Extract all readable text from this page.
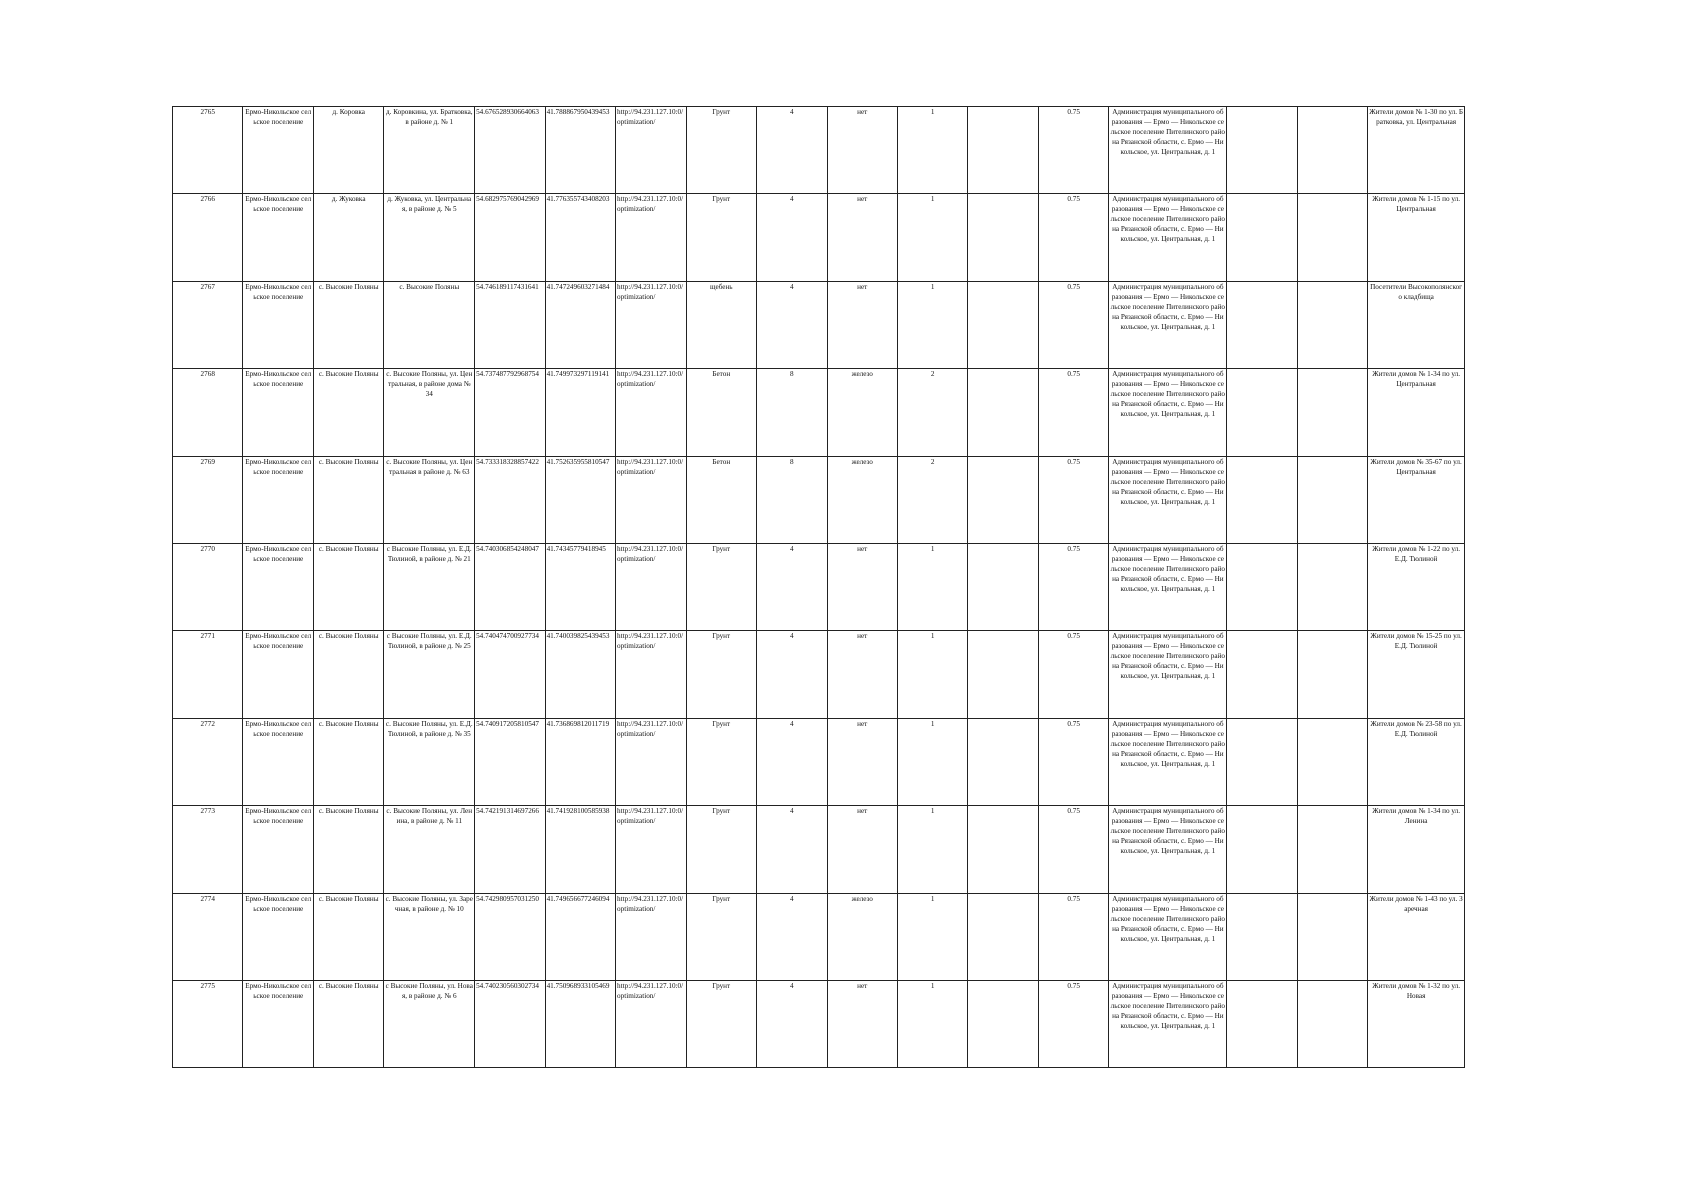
2765	Ермо-Никольское сельское поселение	д. Коровка	д. Коровкина, ул. Братковка, в районе д. № 1	54.676528930664063	41.788867950439453	http://94.231.127.10:0/optimization/	Грунт	4	нет	1		0.75	Администрация муниципального образования — Ермо — Никольское сельское поселение Пителинского района Рязанской области, с. Ермо — Никольское, ул. Центральная, д. 1			Жители домов № 1-30 по ул. Братковка, ул. Центральная
2766	Ермо-Никольское сельское поселение	д. Жуковка	д. Жуковка, ул. Центральная, в районе д. № 5	54.682975769042969	41.776355743408203	http://94.231.127.10:0/optimization/	Грунт	4	нет	1		0.75	Администрация муниципального образования — Ермо — Никольское сельское поселение Пителинского района Рязанской области, с. Ермо — Никольское, ул. Центральная, д. 1			Жители домов № 1-15 по ул. Центральная
2767	Ермо-Никольское сельское поселение	с. Высокие Поляны	с. Высокие Поляны	54.746189117431641	41.747249603271484	http://94.231.127.10:0/optimization/	щебень	4	нет	1		0.75	Администрация муниципального образования — Ермо — Никольское сельское поселение Пителинского района Рязанской области, с. Ермо — Никольское, ул. Центральная, д. 1			Посетители Высокополянского кладбища
2768	Ермо-Никольское сельское поселение	с. Высокие Поляны	с. Высокие Поляны, ул. Центральная, в районе дома № 34	54.737487792968754	41.749973297119141	http://94.231.127.10:0/optimization/	Бетон	8	железо	2		0.75	Администрация муниципального образования — Ермо — Никольское сельское поселение Пителинского района Рязанской области, с. Ермо — Никольское, ул. Центральная, д. 1			Жители домов № 1-34 по ул. Центральная
2769	Ермо-Никольское сельское поселение	с. Высокие Поляны	с. Высокие Поляны, ул. Центральная в районе д. № 63	54.733318328857422	41.752635955810547	http://94.231.127.10:0/optimization/	Бетон	8	железо	2		0.75	Администрация муниципального образования — Ермо — Никольское сельское поселение Пителинского района Рязанской области, с. Ермо — Никольское, ул. Центральная, д. 1			Жители домов № 35-67 по ул. Центральная
2770	Ермо-Никольское сельское поселение	с. Высокие Поляны	с Высокие Поляны, ул. Е.Д. Тюлиной, в районе д. № 21	54.740306854248047	41.74345779418945	http://94.231.127.10:0/optimization/	Грунт	4	нет	1		0.75	Администрация муниципального образования — Ермо — Никольское сельское поселение Пителинского района Рязанской области, с. Ермо — Никольское, ул. Центральная, д. 1			Жители домов № 1-22 по ул. Е.Д. Тюлиной
2771	Ермо-Никольское сельское поселение	с. Высокие Поляны	с Высокие Поляны, ул. Е.Д. Тюлиной, в районе д. № 25	54.740474700927734	41.740039825439453	http://94.231.127.10:0/optimization/	Грунт	4	нет	1		0.75	Администрация муниципального образования — Ермо — Никольское сельское поселение Пителинского района Рязанской области, с. Ермо — Никольское, ул. Центральная, д. 1			Жители домов № 15-25 по ул. Е.Д. Тюлиной
2772	Ермо-Никольское сельское поселение	с. Высокие Поляны	с. Высокие Поляны, ул. Е.Д. Тюлиной, в районе д. № 35	54.740917205810547	41.736869812011719	http://94.231.127.10:0/optimization/	Грунт	4	нет	1		0.75	Администрация муниципального образования — Ермо — Никольское сельское поселение Пителинского района Рязанской области, с. Ермо — Никольское, ул. Центральная, д. 1			Жители домов № 23-58 по ул. Е.Д. Тюлиной
2773	Ермо-Никольское сельское поселение	с. Высокие Поляны	с. Высокие Поляны, ул. Ленина, в районе д. № 11	54.742191314697266	41.741928100585938	http://94.231.127.10:0/optimization/	Грунт	4	нет	1		0.75	Администрация муниципального образования — Ермо — Никольское сельское поселение Пителинского района Рязанской области, с. Ермо — Никольское, ул. Центральная, д. 1			Жители домов № 1-34 по ул. Ленина
2774	Ермо-Никольское сельское поселение	с. Высокие Поляны	с. Высокие Поляны, ул. Заречная, в районе д. № 10	54.742980957031250	41.749656677246094	http://94.231.127.10:0/optimization/	Грунт	4	железо	1		0.75	Администрация муниципального образования — Ермо — Никольское сельское поселение Пителинского района Рязанской области, с. Ермо — Никольское, ул. Центральная, д. 1			Жители домов № 1-43 по ул. Заречная
2775	Ермо-Никольское сельское поселение	с. Высокие Поляны	с Высокие Поляны, ул. Новая, в районе д. № 6	54.740230560302734	41.750968933105469	http://94.231.127.10:0/optimization/	Грунт	4	нет	1		0.75	Администрация муниципального образования — Ермо — Никольское сельское поселение Пителинского района Рязанской области, с. Ермо — Никольское, ул. Центральная, д. 1			Жители домов № 1-32 по ул. Новая
